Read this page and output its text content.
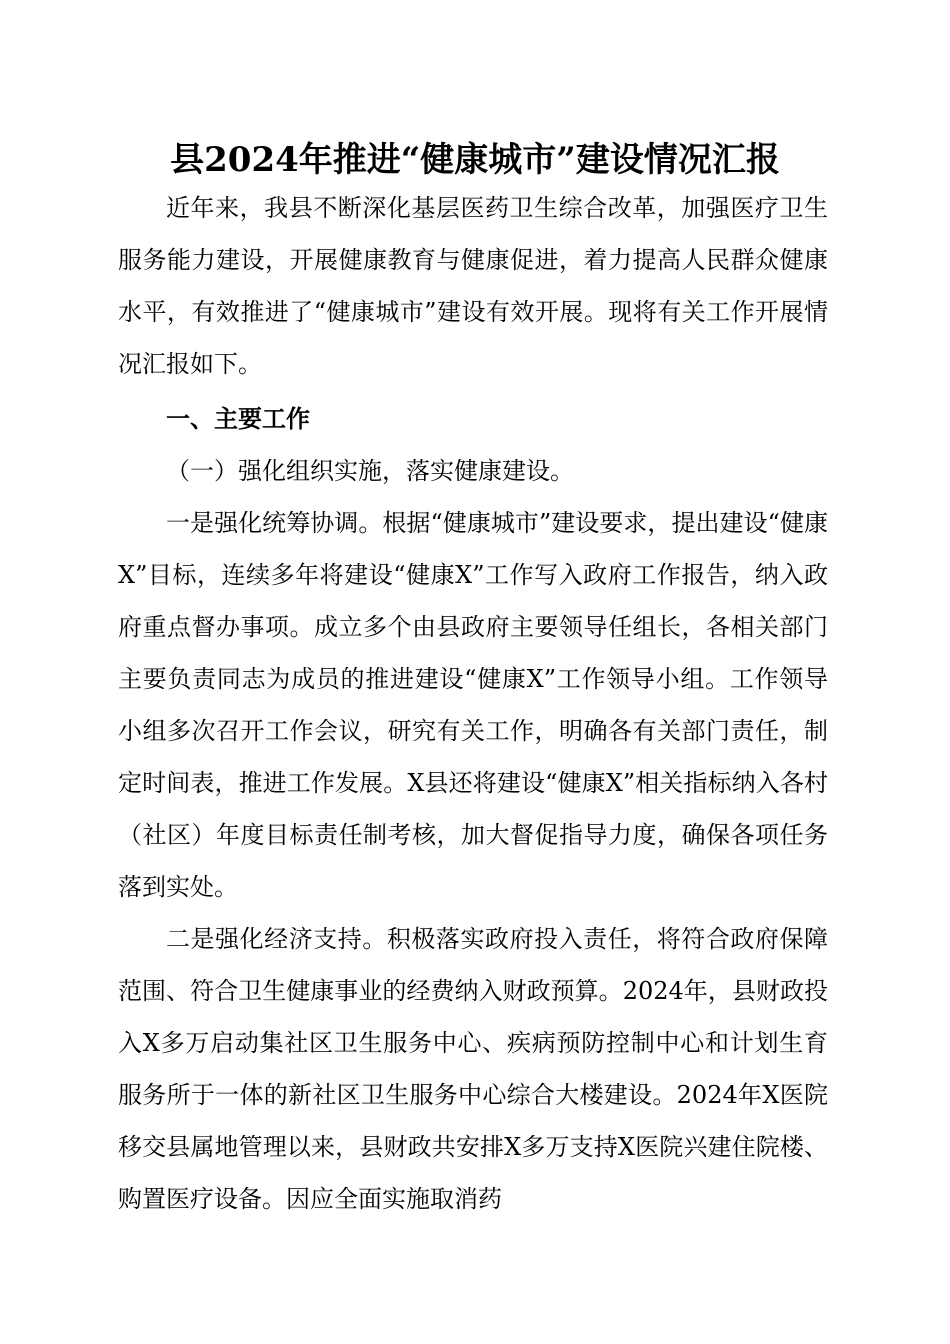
县2024年推进“健康城市”建设情况汇报

近年来，我县不断深化基层医药卫生综合改革，加强医疗卫生服务能力建设，开展健康教育与健康促进，着力提高人民群众健康水平，有效推进了“健康城市”建设有效开展。现将有关工作开展情况汇报如下。

一、主要工作

（一）强化组织实施，落实健康建设。

一是强化统筹协调。根据“健康城市”建设要求，提出建设“健康X”目标，连续多年将建设“健康X”工作写入政府工作报告，纳入政府重点督办事项。成立多个由县政府主要领导任组长，各相关部门主要负责同志为成员的推进建设“健康X”工作领导小组。工作领导小组多次召开工作会议，研究有关工作，明确各有关部门责任，制定时间表，推进工作发展。X县还将建设“健康X”相关指标纳入各村（社区）年度目标责任制考核，加大督促指导力度，确保各项任务落到实处。

二是强化经济支持。积极落实政府投入责任，将符合政府保障范围、符合卫生健康事业的经费纳入财政预算。2024年，县财政投入X多万启动集社区卫生服务中心、疾病预防控制中心和计划生育服务所于一体的新社区卫生服务中心综合大楼建设。2024年X医院移交县属地管理以来，县财政共安排X多万支持X医院兴建住院楼、购置医疗设备。因应全面实施取消药
